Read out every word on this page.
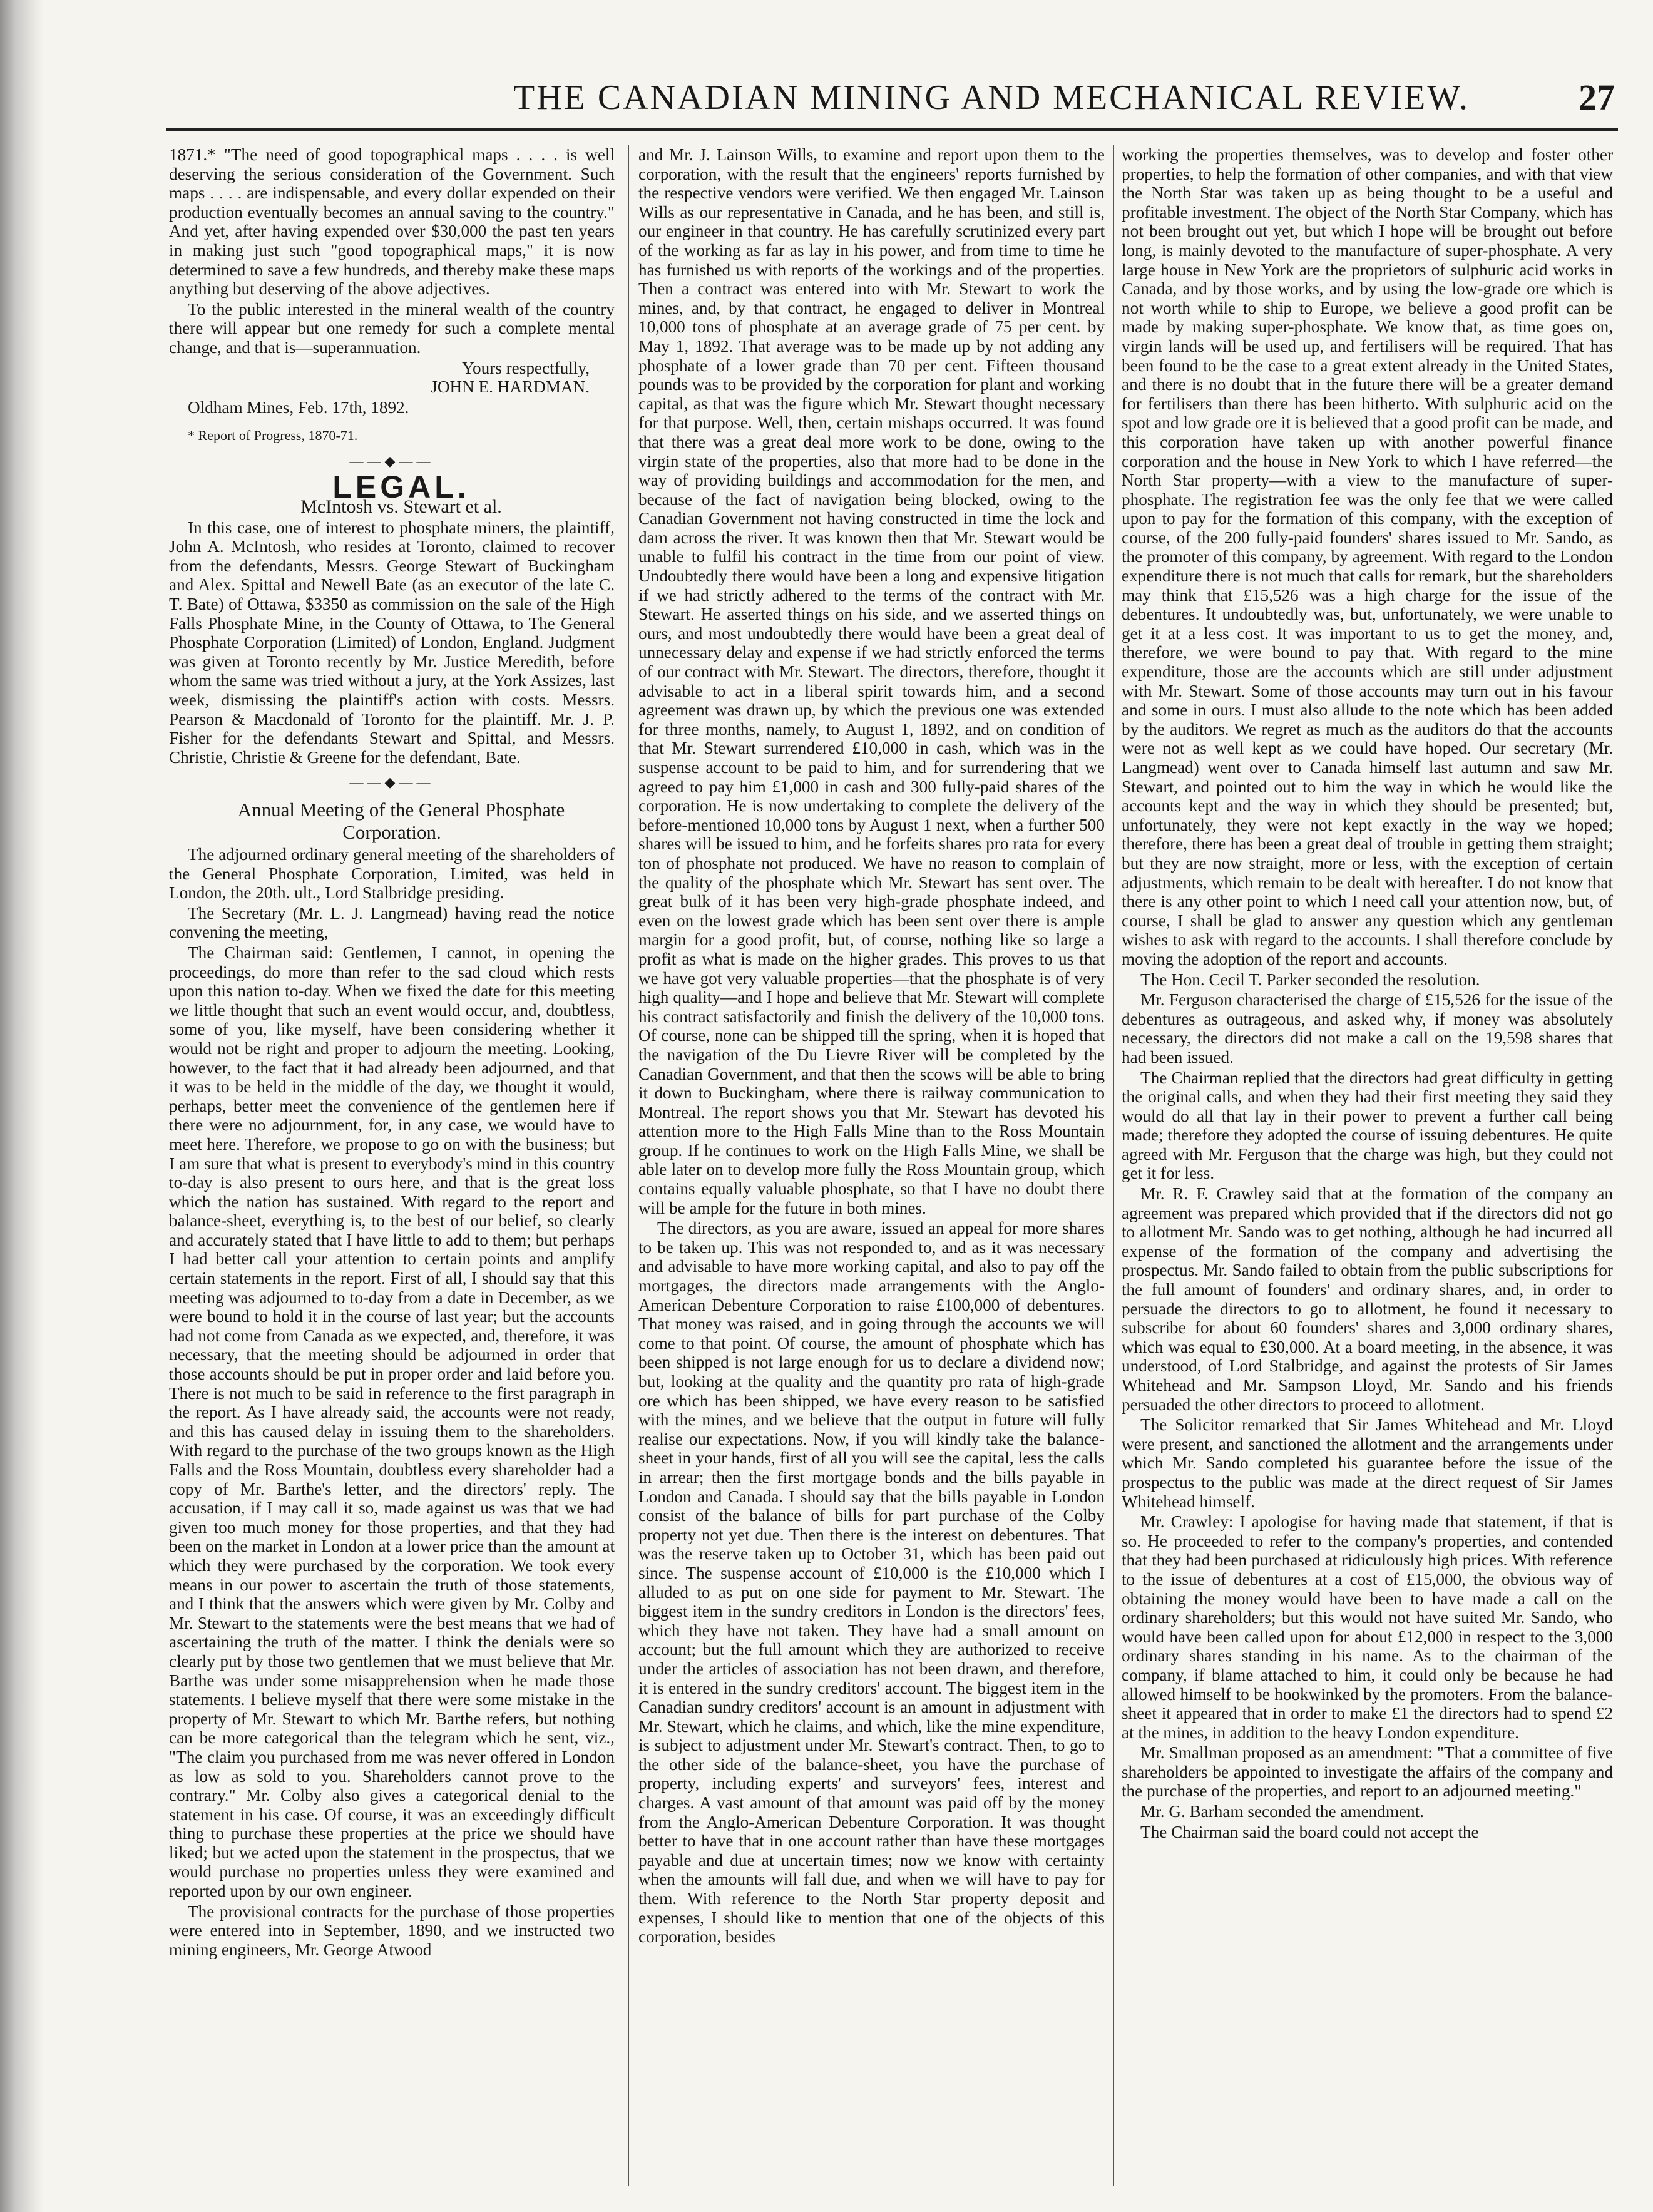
THE CANADIAN MINING AND MECHANICAL REVIEW.	27

1871.* "The need of good topographical maps . . . . is well deserving the serious consideration of the Government. Such maps . . . . are indispensable, and every dollar expended on their production eventually becomes an annual saving to the country." And yet, after having expended over $30,000 the past ten years in making just such "good topographical maps," it is now determined to save a few hundreds, and thereby make these maps anything but deserving of the above adjectives.

To the public interested in the mineral wealth of the country there will appear but one remedy for such a complete mental change, and that is—superannuation.

Yours respectfully,

JOHN E. HARDMAN.

Oldham Mines, Feb. 17th, 1892.

* Report of Progress, 1870-71.

——◆——

LEGAL.

McIntosh vs. Stewart et al.

In this case, one of interest to phosphate miners, the plaintiff, John A. McIntosh, who resides at Toronto, claimed to recover from the defendants, Messrs. George Stewart of Buckingham and Alex. Spittal and Newell Bate (as an executor of the late C. T. Bate) of Ottawa, $3350 as commission on the sale of the High Falls Phosphate Mine, in the County of Ottawa, to The General Phosphate Corporation (Limited) of London, England. Judgment was given at Toronto recently by Mr. Justice Meredith, before whom the same was tried without a jury, at the York Assizes, last week, dismissing the plaintiff's action with costs. Messrs. Pearson & Macdonald of Toronto for the plaintiff. Mr. J. P. Fisher for the defendants Stewart and Spittal, and Messrs. Christie, Christie & Greene for the defendant, Bate.

——◆——

Annual Meeting of the General Phosphate Corporation.

The adjourned ordinary general meeting of the shareholders of the General Phosphate Corporation, Limited, was held in London, the 20th. ult., Lord Stalbridge presiding.

The Secretary (Mr. L. J. Langmead) having read the notice convening the meeting,

The Chairman said: Gentlemen, I cannot, in opening the proceedings, do more than refer to the sad cloud which rests upon this nation to-day. When we fixed the date for this meeting we little thought that such an event would occur, and, doubtless, some of you, like myself, have been considering whether it would not be right and proper to adjourn the meeting. Looking, however, to the fact that it had already been adjourned, and that it was to be held in the middle of the day, we thought it would, perhaps, better meet the convenience of the gentlemen here if there were no adjournment, for, in any case, we would have to meet here. Therefore, we propose to go on with the business; but I am sure that what is present to everybody's mind in this country to-day is also present to ours here, and that is the great loss which the nation has sustained. With regard to the report and balance-sheet, everything is, to the best of our belief, so clearly and accurately stated that I have little to add to them; but perhaps I had better call your attention to certain points and amplify certain statements in the report. First of all, I should say that this meeting was adjourned to to-day from a date in December, as we were bound to hold it in the course of last year; but the accounts had not come from Canada as we expected, and, therefore, it was necessary, that the meeting should be adjourned in order that those accounts should be put in proper order and laid before you. There is not much to be said in reference to the first paragraph in the report. As I have already said, the accounts were not ready, and this has caused delay in issuing them to the shareholders. With regard to the purchase of the two groups known as the High Falls and the Ross Mountain, doubtless every shareholder had a copy of Mr. Barthe's letter, and the directors' reply. The accusation, if I may call it so, made against us was that we had given too much money for those properties, and that they had been on the market in London at a lower price than the amount at which they were purchased by the corporation. We took every means in our power to ascertain the truth of those statements, and I think that the answers which were given by Mr. Colby and Mr. Stewart to the statements were the best means that we had of ascertaining the truth of the matter. I think the denials were so clearly put by those two gentlemen that we must believe that Mr. Barthe was under some misapprehension when he made those statements. I believe myself that there were some mistake in the property of Mr. Stewart to which Mr. Barthe refers, but nothing can be more categorical than the telegram which he sent, viz., "The claim you purchased from me was never offered in London as low as sold to you. Shareholders cannot prove to the contrary." Mr. Colby also gives a categorical denial to the statement in his case. Of course, it was an exceedingly difficult thing to purchase these properties at the price we should have liked; but we acted upon the statement in the prospectus, that we would purchase no properties unless they were examined and reported upon by our own engineer.

The provisional contracts for the purchase of those properties were entered into in September, 1890, and we instructed two mining engineers, Mr. George Atwood

and Mr. J. Lainson Wills, to examine and report upon them to the corporation, with the result that the engineers' reports furnished by the respective vendors were verified. We then engaged Mr. Lainson Wills as our representative in Canada, and he has been, and still is, our engineer in that country. He has carefully scrutinized every part of the working as far as lay in his power, and from time to time he has furnished us with reports of the workings and of the properties. Then a contract was entered into with Mr. Stewart to work the mines, and, by that contract, he engaged to deliver in Montreal 10,000 tons of phosphate at an average grade of 75 per cent. by May 1, 1892. That average was to be made up by not adding any phosphate of a lower grade than 70 per cent. Fifteen thousand pounds was to be provided by the corporation for plant and working capital, as that was the figure which Mr. Stewart thought necessary for that purpose. Well, then, certain mishaps occurred. It was found that there was a great deal more work to be done, owing to the virgin state of the properties, also that more had to be done in the way of providing buildings and accommodation for the men, and because of the fact of navigation being blocked, owing to the Canadian Government not having constructed in time the lock and dam across the river. It was known then that Mr. Stewart would be unable to fulfil his contract in the time from our point of view. Undoubtedly there would have been a long and expensive litigation if we had strictly adhered to the terms of the contract with Mr. Stewart. He asserted things on his side, and we asserted things on ours, and most undoubtedly there would have been a great deal of unnecessary delay and expense if we had strictly enforced the terms of our contract with Mr. Stewart. The directors, therefore, thought it advisable to act in a liberal spirit towards him, and a second agreement was drawn up, by which the previous one was extended for three months, namely, to August 1, 1892, and on condition of that Mr. Stewart surrendered £10,000 in cash, which was in the suspense account to be paid to him, and for surrendering that we agreed to pay him £1,000 in cash and 300 fully-paid shares of the corporation. He is now undertaking to complete the delivery of the before-mentioned 10,000 tons by August 1 next, when a further 500 shares will be issued to him, and he forfeits shares pro rata for every ton of phosphate not produced. We have no reason to complain of the quality of the phosphate which Mr. Stewart has sent over. The great bulk of it has been very high-grade phosphate indeed, and even on the lowest grade which has been sent over there is ample margin for a good profit, but, of course, nothing like so large a profit as what is made on the higher grades. This proves to us that we have got very valuable properties—that the phosphate is of very high quality—and I hope and believe that Mr. Stewart will complete his contract satisfactorily and finish the delivery of the 10,000 tons. Of course, none can be shipped till the spring, when it is hoped that the navigation of the Du Lievre River will be completed by the Canadian Government, and that then the scows will be able to bring it down to Buckingham, where there is railway communication to Montreal. The report shows you that Mr. Stewart has devoted his attention more to the High Falls Mine than to the Ross Mountain group. If he continues to work on the High Falls Mine, we shall be able later on to develop more fully the Ross Mountain group, which contains equally valuable phosphate, so that I have no doubt there will be ample for the future in both mines.

The directors, as you are aware, issued an appeal for more shares to be taken up. This was not responded to, and as it was necessary and advisable to have more working capital, and also to pay off the mortgages, the directors made arrangements with the Anglo-American Debenture Corporation to raise £100,000 of debentures. That money was raised, and in going through the accounts we will come to that point. Of course, the amount of phosphate which has been shipped is not large enough for us to declare a dividend now; but, looking at the quality and the quantity pro rata of high-grade ore which has been shipped, we have every reason to be satisfied with the mines, and we believe that the output in future will fully realise our expectations. Now, if you will kindly take the balance-sheet in your hands, first of all you will see the capital, less the calls in arrear; then the first mortgage bonds and the bills payable in London and Canada. I should say that the bills payable in London consist of the balance of bills for part purchase of the Colby property not yet due. Then there is the interest on debentures. That was the reserve taken up to October 31, which has been paid out since. The suspense account of £10,000 is the £10,000 which I alluded to as put on one side for payment to Mr. Stewart. The biggest item in the sundry creditors in London is the directors' fees, which they have not taken. They have had a small amount on account; but the full amount which they are authorized to receive under the articles of association has not been drawn, and therefore, it is entered in the sundry creditors' account. The biggest item in the Canadian sundry creditors' account is an amount in adjustment with Mr. Stewart, which he claims, and which, like the mine expenditure, is subject to adjustment under Mr. Stewart's contract. Then, to go to the other side of the balance-sheet, you have the purchase of property, including experts' and surveyors' fees, interest and charges. A vast amount of that amount was paid off by the money from the Anglo-American Debenture Corporation. It was thought better to have that in one account rather than have these mortgages payable and due at uncertain times; now we know with certainty when the amounts will fall due, and when we will have to pay for them. With reference to the North Star property deposit and expenses, I should like to mention that one of the objects of this corporation, besides

working the properties themselves, was to develop and foster other properties, to help the formation of other companies, and with that view the North Star was taken up as being thought to be a useful and profitable investment. The object of the North Star Company, which has not been brought out yet, but which I hope will be brought out before long, is mainly devoted to the manufacture of super-phosphate. A very large house in New York are the proprietors of sulphuric acid works in Canada, and by those works, and by using the low-grade ore which is not worth while to ship to Europe, we believe a good profit can be made by making super-phosphate. We know that, as time goes on, virgin lands will be used up, and fertilisers will be required. That has been found to be the case to a great extent already in the United States, and there is no doubt that in the future there will be a greater demand for fertilisers than there has been hitherto. With sulphuric acid on the spot and low grade ore it is believed that a good profit can be made, and this corporation have taken up with another powerful finance corporation and the house in New York to which I have referred—the North Star property—with a view to the manufacture of super-phosphate. The registration fee was the only fee that we were called upon to pay for the formation of this company, with the exception of course, of the 200 fully-paid founders' shares issued to Mr. Sando, as the promoter of this company, by agreement. With regard to the London expenditure there is not much that calls for remark, but the shareholders may think that £15,526 was a high charge for the issue of the debentures. It undoubtedly was, but, unfortunately, we were unable to get it at a less cost. It was important to us to get the money, and, therefore, we were bound to pay that. With regard to the mine expenditure, those are the accounts which are still under adjustment with Mr. Stewart. Some of those accounts may turn out in his favour and some in ours. I must also allude to the note which has been added by the auditors. We regret as much as the auditors do that the accounts were not as well kept as we could have hoped. Our secretary (Mr. Langmead) went over to Canada himself last autumn and saw Mr. Stewart, and pointed out to him the way in which he would like the accounts kept and the way in which they should be presented; but, unfortunately, they were not kept exactly in the way we hoped; therefore, there has been a great deal of trouble in getting them straight; but they are now straight, more or less, with the exception of certain adjustments, which remain to be dealt with hereafter. I do not know that there is any other point to which I need call your attention now, but, of course, I shall be glad to answer any question which any gentleman wishes to ask with regard to the accounts. I shall therefore conclude by moving the adoption of the report and accounts.

The Hon. Cecil T. Parker seconded the resolution.

Mr. Ferguson characterised the charge of £15,526 for the issue of the debentures as outrageous, and asked why, if money was absolutely necessary, the directors did not make a call on the 19,598 shares that had been issued.

The Chairman replied that the directors had great difficulty in getting the original calls, and when they had their first meeting they said they would do all that lay in their power to prevent a further call being made; therefore they adopted the course of issuing debentures. He quite agreed with Mr. Ferguson that the charge was high, but they could not get it for less.

Mr. R. F. Crawley said that at the formation of the company an agreement was prepared which provided that if the directors did not go to allotment Mr. Sando was to get nothing, although he had incurred all expense of the formation of the company and advertising the prospectus. Mr. Sando failed to obtain from the public subscriptions for the full amount of founders' and ordinary shares, and, in order to persuade the directors to go to allotment, he found it necessary to subscribe for about 60 founders' shares and 3,000 ordinary shares, which was equal to £30,000. At a board meeting, in the absence, it was understood, of Lord Stalbridge, and against the protests of Sir James Whitehead and Mr. Sampson Lloyd, Mr. Sando and his friends persuaded the other directors to proceed to allotment.

The Solicitor remarked that Sir James Whitehead and Mr. Lloyd were present, and sanctioned the allotment and the arrangements under which Mr. Sando completed his guarantee before the issue of the prospectus to the public was made at the direct request of Sir James Whitehead himself.

Mr. Crawley: I apologise for having made that statement, if that is so. He proceeded to refer to the company's properties, and contended that they had been purchased at ridiculously high prices. With reference to the issue of debentures at a cost of £15,000, the obvious way of obtaining the money would have been to have made a call on the ordinary shareholders; but this would not have suited Mr. Sando, who would have been called upon for about £12,000 in respect to the 3,000 ordinary shares standing in his name. As to the chairman of the company, if blame attached to him, it could only be because he had allowed himself to be hookwinked by the promoters. From the balance-sheet it appeared that in order to make £1 the directors had to spend £2 at the mines, in addition to the heavy London expenditure.

Mr. Smallman proposed as an amendment: "That a committee of five shareholders be appointed to investigate the affairs of the company and the purchase of the properties, and report to an adjourned meeting."

Mr. G. Barham seconded the amendment.

The Chairman said the board could not accept the
